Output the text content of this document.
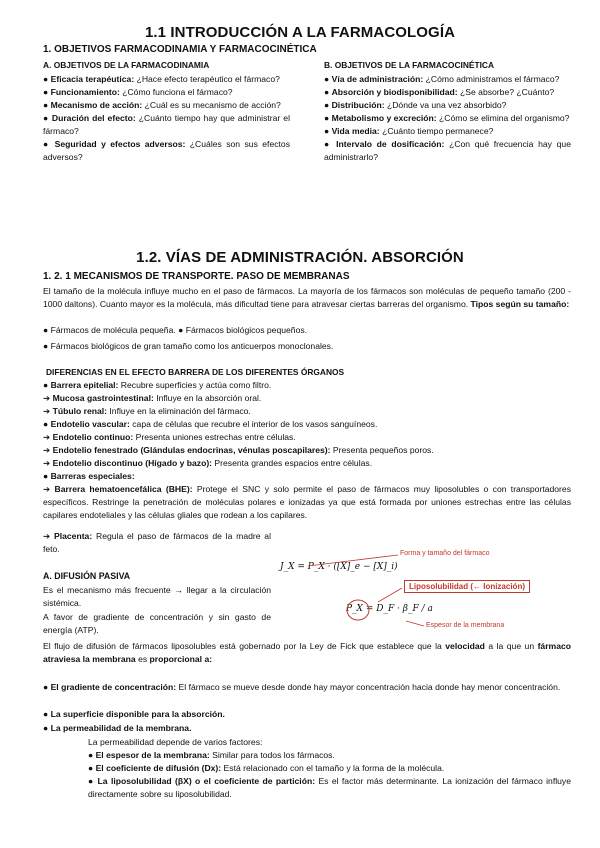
1.1 INTRODUCCIÓN A LA FARMACOLOGÍA
1. OBJETIVOS FARMACODINAMIA Y FARMACOCINÉTICA
A. OBJETIVOS DE LA FARMACODINAMIA

● Eficacia terapéutica: ¿Hace efecto terapéutico el fármaco?

● Funcionamiento: ¿Cómo funciona el fármaco?

● Mecanismo de acción: ¿Cuál es su mecanismo de acción?

● Duración del efecto: ¿Cuánto tiempo hay que administrar el fármaco?

● Seguridad y efectos adversos: ¿Cuáles son sus efectos adversos?

B. OBJETIVOS DE LA FARMACOCINÉTICA

● Vía de administración: ¿Cómo administramos el fármaco?

● Absorción y biodisponibilidad: ¿Se absorbe? ¿Cuánto?

● Distribución: ¿Dónde va una vez absorbido?

● Metabolismo y excreción: ¿Cómo se elimina del organismo?

● Vida media: ¿Cuánto tiempo permanece?

● Intervalo de dosificación: ¿Con qué frecuencia hay que administrarlo?

1.2. VÍAS DE ADMINISTRACIÓN. ABSORCIÓN
1. 2. 1 MECANISMOS DE TRANSPORTE. PASO DE MEMBRANAS
El tamaño de la molécula influye mucho en el paso de fármacos. La mayoría de los fármacos son moléculas de pequeño tamaño (200 - 1000 daltons). Cuanto mayor es la molécula, más dificultad tiene para atravesar ciertas barreras del organismo. Tipos según su tamaño:
● Fármacos de molécula pequeña. ● Fármacos biológicos pequeños.
● Fármacos biológicos de gran tamaño como los anticuerpos monoclonales.
DIFERENCIAS EN EL EFECTO BARRERA DE LOS DIFERENTES ÓRGANOS
● Barrera epitelial: Recubre superficies y actúa como filtro.
➔ Mucosa gastrointestinal: Influye en la absorción oral.
➔ Túbulo renal: Influye en la eliminación del fármaco.
● Endotelio vascular: capa de células que recubre el interior de los vasos sanguíneos.
➔ Endotelio continuo: Presenta uniones estrechas entre células.
➔ Endotelio fenestrado (Glándulas endocrinas, vénulas poscapilares): Presenta pequeños poros.
➔ Endotelio discontinuo (Hígado y bazo): Presenta grandes espacios entre células.
● Barreras especiales:
➔ Barrera hematoencefálica (BHE): Protege el SNC y solo permite el paso de fármacos muy liposolubles o con transportadores específicos. Restringe la penetración de moléculas polares e ionizadas ya que está formada por uniones estrechas entre las células capilares endoteliales y las células gliales que rodean a los capilares.
➔ Placenta: Regula el paso de fármacos de la madre al feto.
A. DIFUSIÓN PASIVA
Es el mecanismo más frecuente → llegar a la circulación sistémica.
A favor de gradiente de concentración y sin gasto de energía (ATP).
El flujo de difusión de fármacos liposolubles está gobernado por la Ley de Fick que establece que la velocidad a la que un fármaco atraviesa la membrana es proporcional a:
● El gradiente de concentración: El fármaco se mueve desde donde hay mayor concentración hacia donde hay menor concentración.
● La superficie disponible para la absorción.
● La permeabilidad de la membrana.
La permeabilidad depende de varios factores:
● El espesor de la membrana: Similar para todos los fármacos.
● El coeficiente de difusión (Dx): Está relacionado con el tamaño y la forma de la molécula.
● La liposolubilidad (βX) o el coeficiente de partición: Es el factor más determinante. La ionización del fármaco influye directamente sobre su liposolubilidad.
J_X = P_X · ([X]_e − [X]_i)
Forma y tamaño del fármaco
Liposolubilidad (← Ionización)
P_X = D_F · β_F / a
Espesor de la membrana
